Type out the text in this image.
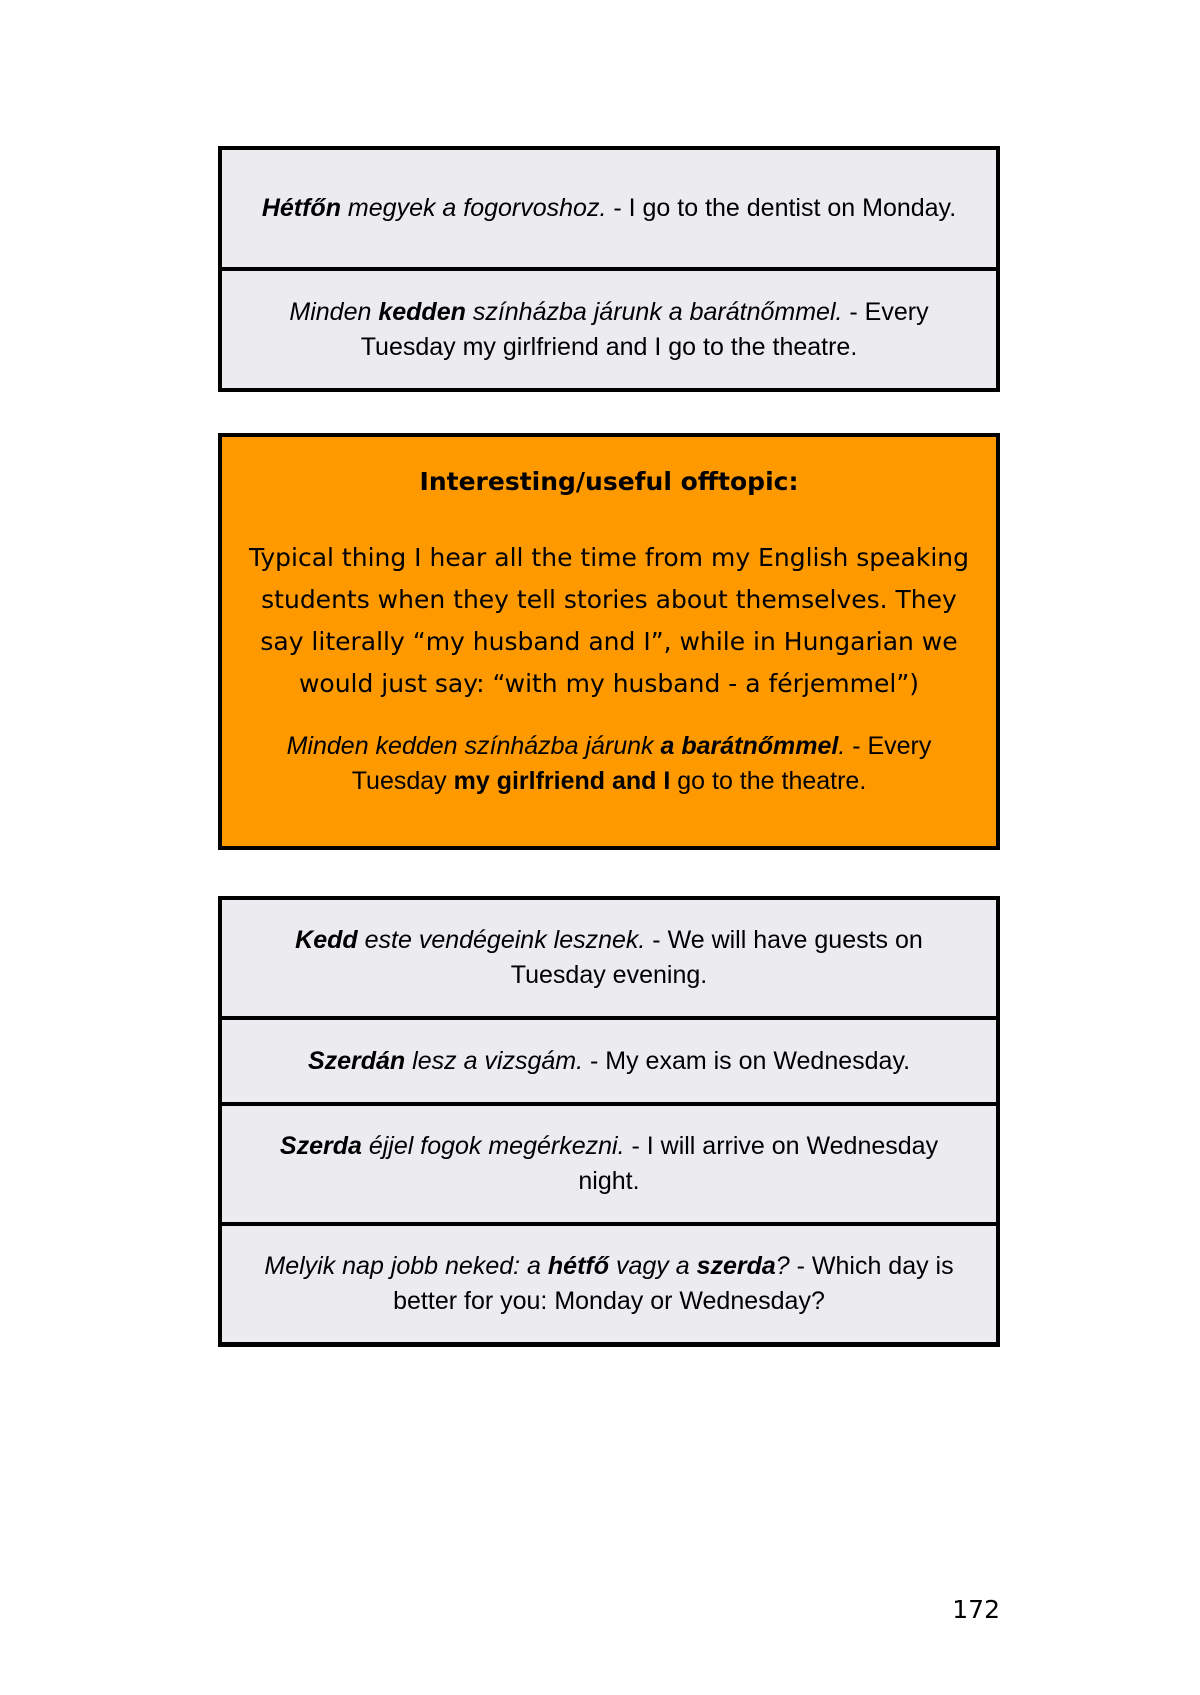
Hétfőn megyek a fogorvoshoz. - I go to the dentist on Monday.

Minden kedden színházba járunk a barátnőmmel. - Every Tuesday my girlfriend and I go to the theatre.

Interesting/useful offtopic:

Typical thing I hear all the time from my English speaking students when they tell stories about themselves. They say literally “my husband and I”, while in Hungarian we would just say: “with my husband - a férjemmel”)

Minden kedden színházba járunk a barátnőmmel. - Every Tuesday my girlfriend and I go to the theatre.

Kedd este vendégeink lesznek. - We will have guests on Tuesday evening.

Szerdán lesz a vizsgám. - My exam is on Wednesday.

Szerda éjjel fogok megérkezni. - I will arrive on Wednesday night.

Melyik nap jobb neked: a hétfő vagy a szerda? - Which day is better for you: Monday or Wednesday?

172
